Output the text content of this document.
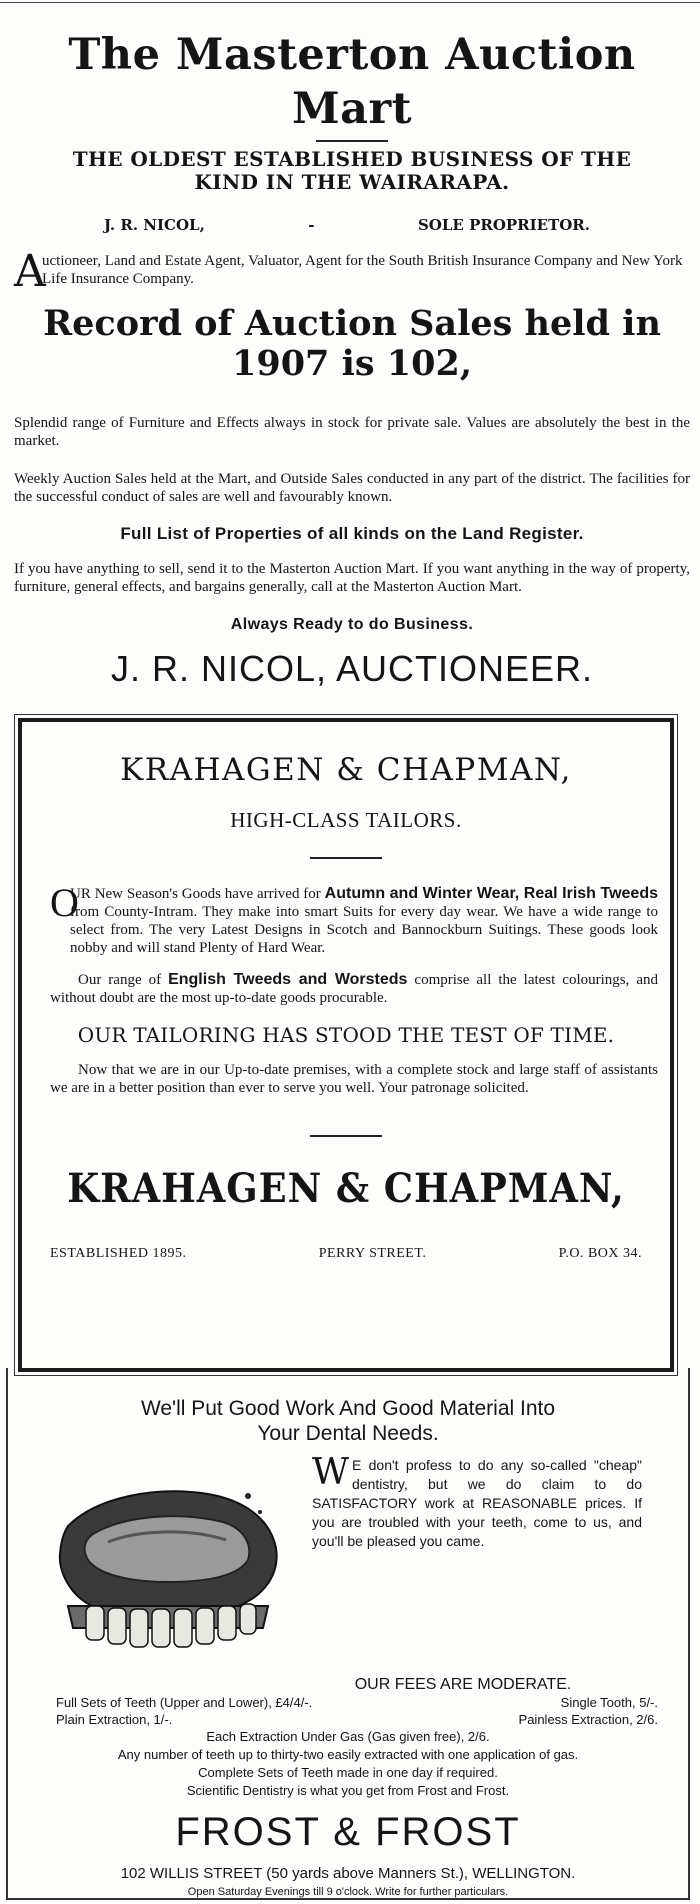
The Masterton Auction Mart
THE OLDEST ESTABLISHED BUSINESS OF THE KIND IN THE WAIRARAPA.
J. R. NICOL,	-	SOLE PROPRIETOR.
A
uctioneer, Land and Estate Agent, Valuator, Agent for the South British Insurance Company and New York Life Insurance Company.
Record of Auction Sales held in 1907 is 102,

Splendid range of Furniture and Effects always in stock for private sale. Values are absolutely the best in the market.

Weekly Auction Sales held at the Mart, and Outside Sales conducted in any part of the district. The facilities for the successful conduct of sales are well and favourably known.

Full List of Properties of all kinds on the Land Register.

If you have anything to sell, send it to the Masterton Auction Mart. If you want anything in the way of property, furniture, general effects, and bargains generally, call at the Masterton Auction Mart.

Always Ready to do Business.
J. R. NICOL, AUCTIONEER.
KRAHAGEN & CHAPMAN,
HIGH-CLASS TAILORS.

O
UR New Season's Goods have arrived for Autumn and Winter Wear, Real Irish Tweeds from County-Intram. They make into smart Suits for every day wear. We have a wide range to select from. The very Latest Designs in Scotch and Bannockburn Suitings. These goods look nobby and will stand Plenty of Hard Wear.

Our range of English Tweeds and Worsteds comprise all the latest colourings, and without doubt are the most up-to-date goods procurable.

OUR TAILORING HAS STOOD THE TEST OF TIME.

Now that we are in our Up-to-date premises, with a complete stock and large staff of assistants we are in a better position than ever to serve you well. Your patronage solicited.

KRAHAGEN & CHAPMAN,
ESTABLISHED 1895.	PERRY STREET.	P.O. BOX 34.
We'll Put Good Work And Good Material Into
Your Dental Needs.
W E don't profess to do any so-called "cheap" dentistry, but we do claim to do SATISFACTORY work at REASONABLE prices. If you are troubled with your teeth, come to us, and you'll be pleased you came.
OUR FEES ARE MODERATE.
Full Sets of Teeth (Upper and Lower), £4/4/-.	Single Tooth, 5/-.
Plain Extraction, 1/-.	Painless Extraction, 2/6.
Each Extraction Under Gas (Gas given free), 2/6.
Any number of teeth up to thirty-two easily extracted with one application of gas.
Complete Sets of Teeth made in one day if required.
Scientific Dentistry is what you get from Frost and Frost.
FROST & FROST
102 WILLIS STREET (50 yards above Manners St.), WELLINGTON.
Open Saturday Evenings till 9 o'clock. Write for further particulars.
